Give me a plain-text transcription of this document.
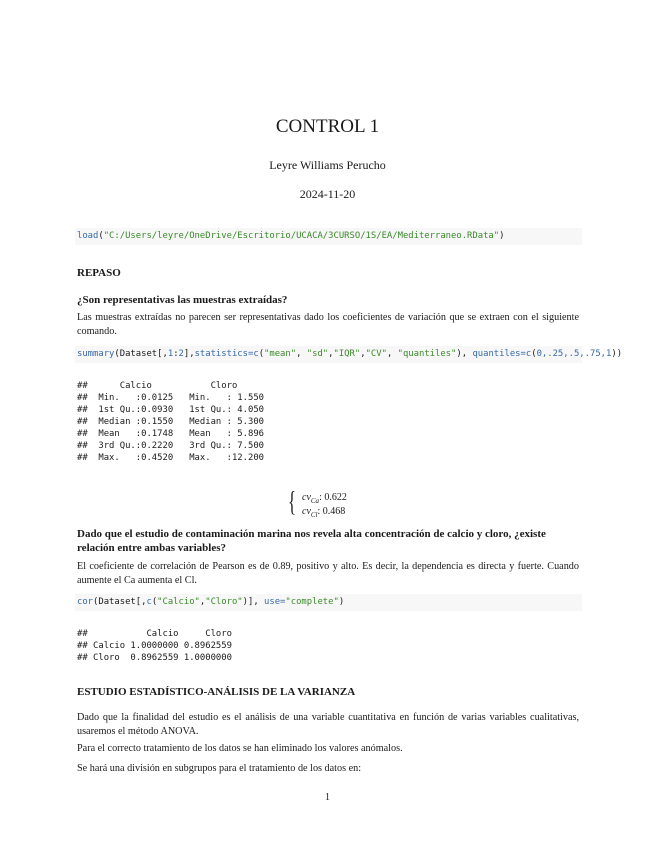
CONTROL 1
Leyre Williams Perucho
2024-11-20
load("C:/Users/leyre/OneDrive/Escritorio/UCACA/3CURSO/1S/EA/Mediterraneo.RData")
REPASO
¿Son representativas las muestras extraídas?
Las muestras extraídas no parecen ser representativas dado los coeficientes de variación que se extraen con el siguiente comando.
summary(Dataset[,1:2],statistics=c("mean", "sd","IQR","CV", "quantiles"), quantiles=c(0,.25,.5,.75,1))
##      Calcio           Cloro
##  Min.   :0.0125   Min.   : 1.550
##  1st Qu.:0.0930   1st Qu.: 4.050
##  Median :0.1550   Median : 5.300
##  Mean   :0.1748   Mean   : 5.896
##  3rd Qu.:0.2220   3rd Qu.: 7.500
##  Max.   :0.4520   Max.   :12.200
{ $cv_{Ca}$: 0.622
$cv_{Cl}$: 0.468
Dado que el estudio de contaminación marina nos revela alta concentración de calcio y cloro, ¿existe relación entre ambas variables?
El coeficiente de correlación de Pearson es de 0.89, positivo y alto. Es decir, la dependencia es directa y fuerte. Cuando aumente el Ca aumenta el Cl.
cor(Dataset[,c("Calcio","Cloro")], use="complete")
##           Calcio     Cloro
## Calcio 1.0000000 0.8962559
## Cloro  0.8962559 1.0000000
ESTUDIO ESTADÍSTICO-ANÁLISIS DE LA VARIANZA
Dado que la finalidad del estudio es el análisis de una variable cuantitativa en función de varias variables cualitativas, usaremos el método ANOVA.
Para el correcto tratamiento de los datos se han eliminado los valores anómalos.
Se hará una división en subgrupos para el tratamiento de los datos en:
1
